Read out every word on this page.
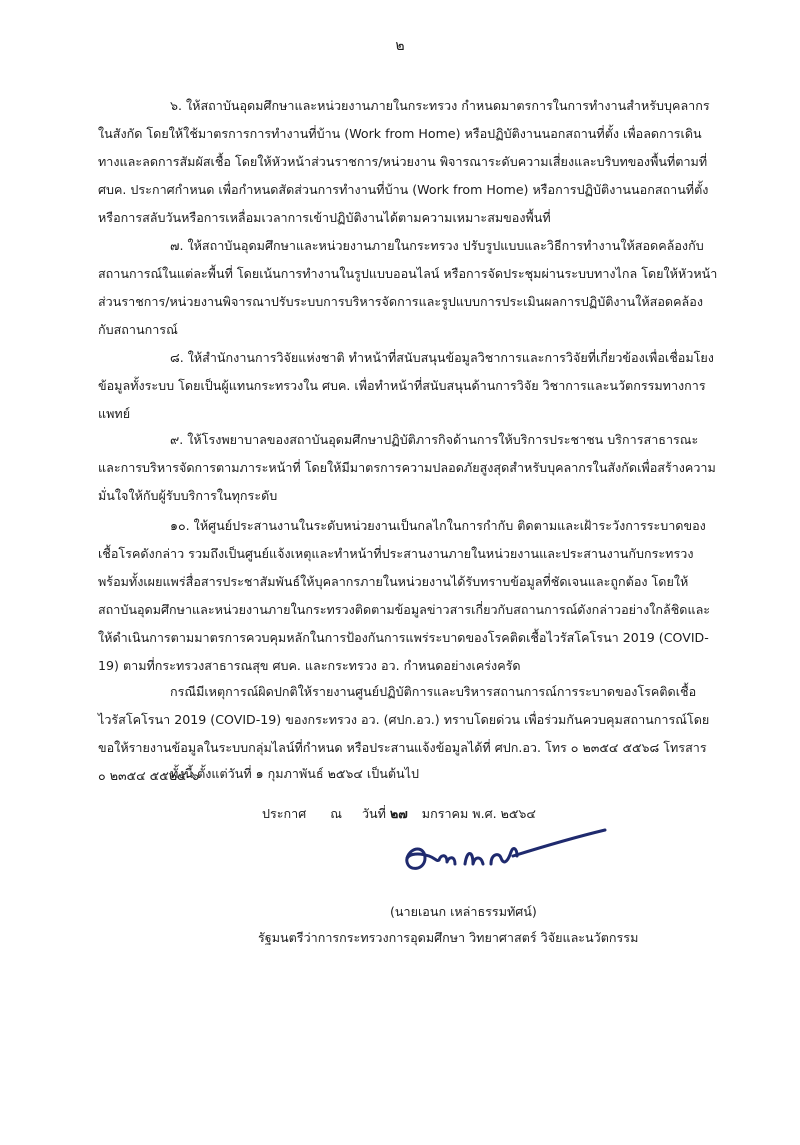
๒

๖. ให้สถาบันอุดมศึกษาและหน่วยงานภายในกระทรวง กำหนดมาตรการในการทำงานสำหรับบุคลากรในสังกัด โดยให้ใช้มาตรการการทำงานที่บ้าน (Work from Home) หรือปฏิบัติงานนอกสถานที่ตั้ง เพื่อลดการเดินทางและลดการสัมผัสเชื้อ โดยให้หัวหน้าส่วนราชการ/หน่วยงาน พิจารณาระดับความเสี่ยงและบริบทของพื้นที่ตามที่ ศบค. ประกาศกำหนด เพื่อกำหนดสัดส่วนการทำงานที่บ้าน (Work from Home) หรือการปฏิบัติงานนอกสถานที่ตั้ง หรือการสลับวันหรือการเหลื่อมเวลาการเข้าปฏิบัติงานได้ตามความเหมาะสมของพื้นที่

๗. ให้สถาบันอุดมศึกษาและหน่วยงานภายในกระทรวง ปรับรูปแบบและวิธีการทำงานให้สอดคล้องกับสถานการณ์ในแต่ละพื้นที่ โดยเน้นการทำงานในรูปแบบออนไลน์ หรือการจัดประชุมผ่านระบบทางไกล โดยให้หัวหน้าส่วนราชการ/หน่วยงานพิจารณาปรับระบบการบริหารจัดการและรูปแบบการประเมินผลการปฏิบัติงานให้สอดคล้องกับสถานการณ์

๘. ให้สำนักงานการวิจัยแห่งชาติ ทำหน้าที่สนับสนุนข้อมูลวิชาการและการวิจัยที่เกี่ยวข้องเพื่อเชื่อมโยงข้อมูลทั้งระบบ โดยเป็นผู้แทนกระทรวงใน ศบค. เพื่อทำหน้าที่สนับสนุนด้านการวิจัย วิชาการและนวัตกรรมทางการแพทย์

๙. ให้โรงพยาบาลของสถาบันอุดมศึกษาปฏิบัติภารกิจด้านการให้บริการประชาชน บริการสาธารณะและการบริหารจัดการตามภาระหน้าที่ โดยให้มีมาตรการความปลอดภัยสูงสุดสำหรับบุคลากรในสังกัดเพื่อสร้างความมั่นใจให้กับผู้รับบริการในทุกระดับ

๑๐. ให้ศูนย์ประสานงานในระดับหน่วยงานเป็นกลไกในการกำกับ ติดตามและเฝ้าระวังการระบาดของเชื้อโรคดังกล่าว รวมถึงเป็นศูนย์แจ้งเหตุและทำหน้าที่ประสานงานภายในหน่วยงานและประสานงานกับกระทรวง พร้อมทั้งเผยแพร่สื่อสารประชาสัมพันธ์ให้บุคลากรภายในหน่วยงานได้รับทราบข้อมูลที่ชัดเจนและถูกต้อง โดยให้สถาบันอุดมศึกษาและหน่วยงานภายในกระทรวงติดตามข้อมูลข่าวสารเกี่ยวกับสถานการณ์ดังกล่าวอย่างใกล้ชิดและให้ดำเนินการตามมาตรการควบคุมหลักในการป้องกันการแพร่ระบาดของโรคติดเชื้อไวรัสโคโรนา 2019 (COVID-19) ตามที่กระทรวงสาธารณสุข ศบค. และกระทรวง อว. กำหนดอย่างเคร่งครัด

กรณีมีเหตุการณ์ผิดปกติให้รายงานศูนย์ปฏิบัติการและบริหารสถานการณ์การระบาดของโรคติดเชื้อไวรัสโคโรนา 2019 (COVID-19) ของกระทรวง อว. (ศปก.อว.) ทราบโดยด่วน เพื่อร่วมกันควบคุมสถานการณ์โดยขอให้รายงานข้อมูลในระบบกลุ่มไลน์ที่กำหนด หรือประสานแจ้งข้อมูลได้ที่ ศปก.อว. โทร ๐ ๒๓๕๔ ๕๕๖๘ โทรสาร ๐ ๒๓๕๔ ๕๕๒๔-๖

ทั้งนี้ ตั้งแต่วันที่ ๑ กุมภาพันธ์ ๒๕๖๔ เป็นต้นไป
ประกาศ ณ วันที่ ๒๗ มกราคม พ.ศ. ๒๕๖๔
(นายเอนก เหล่าธรรมทัศน์)
รัฐมนตรีว่าการกระทรวงการอุดมศึกษา วิทยาศาสตร์ วิจัยและนวัตกรรม
